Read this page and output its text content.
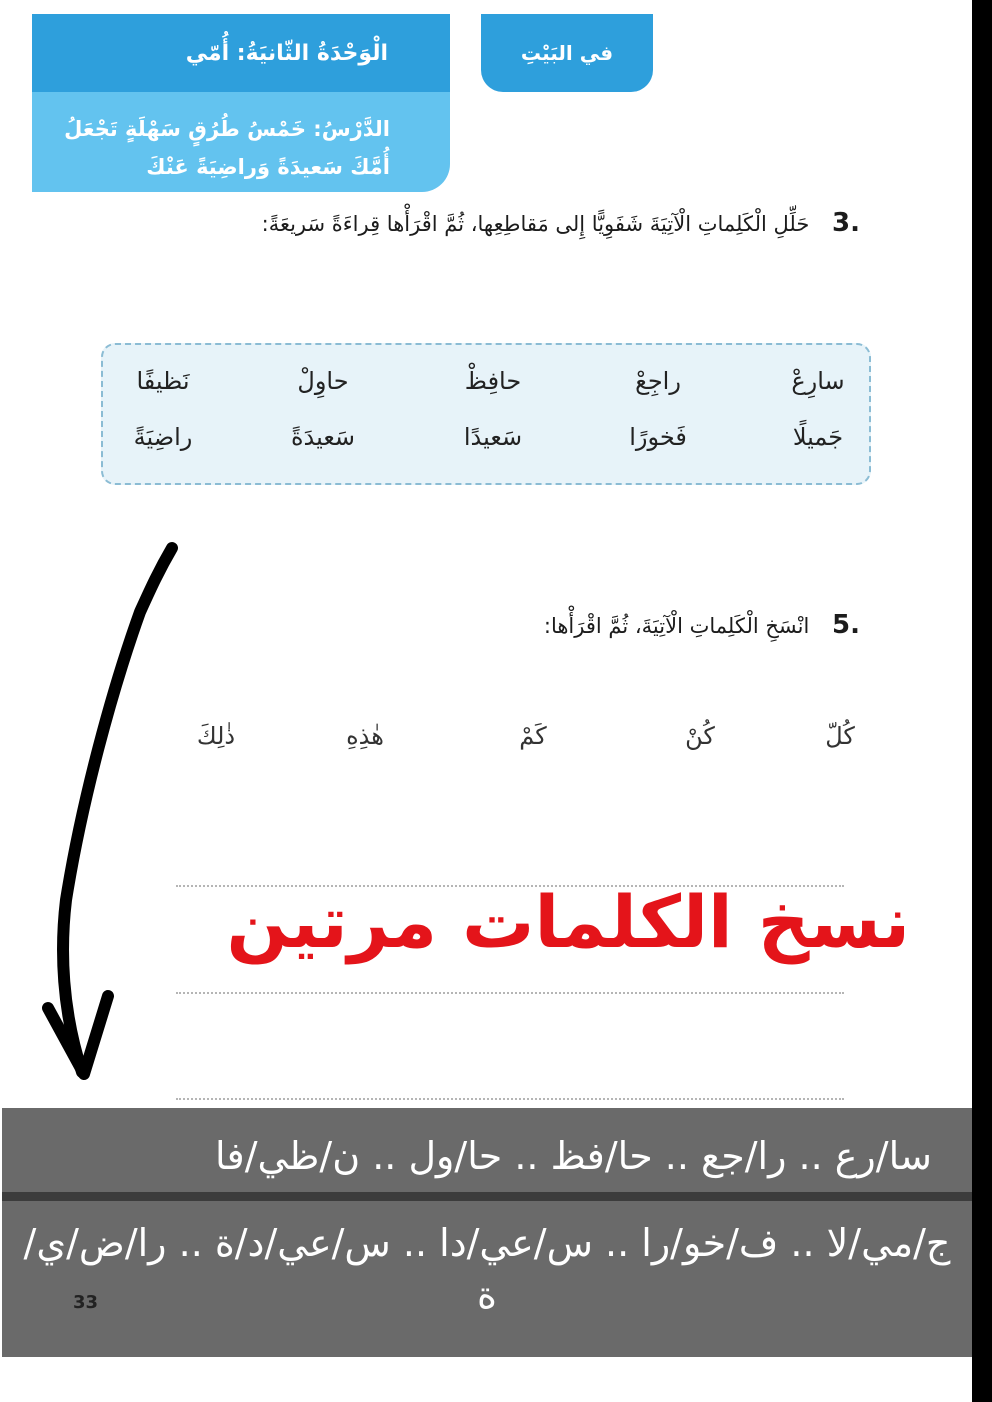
الْوَحْدَةُ الثّانيَةُ: أُمّي
الدَّرْسُ: خَمْسُ طُرُقٍ سَهْلَةٍ تَجْعَلُ أُمَّكَ سَعيدَةً وَراضِيَةً عَنْكَ
في البَيْتِ
.3 حَلِّلِ الْكَلِماتِ الْآتِيَةَ شَفَوِيًّا إِلى مَقاطِعِها، ثُمَّ اقْرَأْها قِراءَةً سَريعَةً:
سارِعْ
راجِعْ
حافِظْ
حاوِلْ
نَظيفًا
جَميلًا
فَخورًا
سَعيدًا
سَعيدَةً
راضِيَةً
.5 انْسَخِ الْكَلِماتِ الْآتِيَةَ، ثُمَّ اقْرَأْها:
كُلّ
كُنْ
كَمْ
هٰذِهِ
ذٰلِكَ
نسخ الكلمات مرتين
سا/رع .. را/جع .. حا/فظ .. حا/ول .. ن/ظي/فا
ج/مي/لا .. ف/خو/را .. س/عي/دا .. س/عي/د/ة .. را/ض/ي/ة
33
